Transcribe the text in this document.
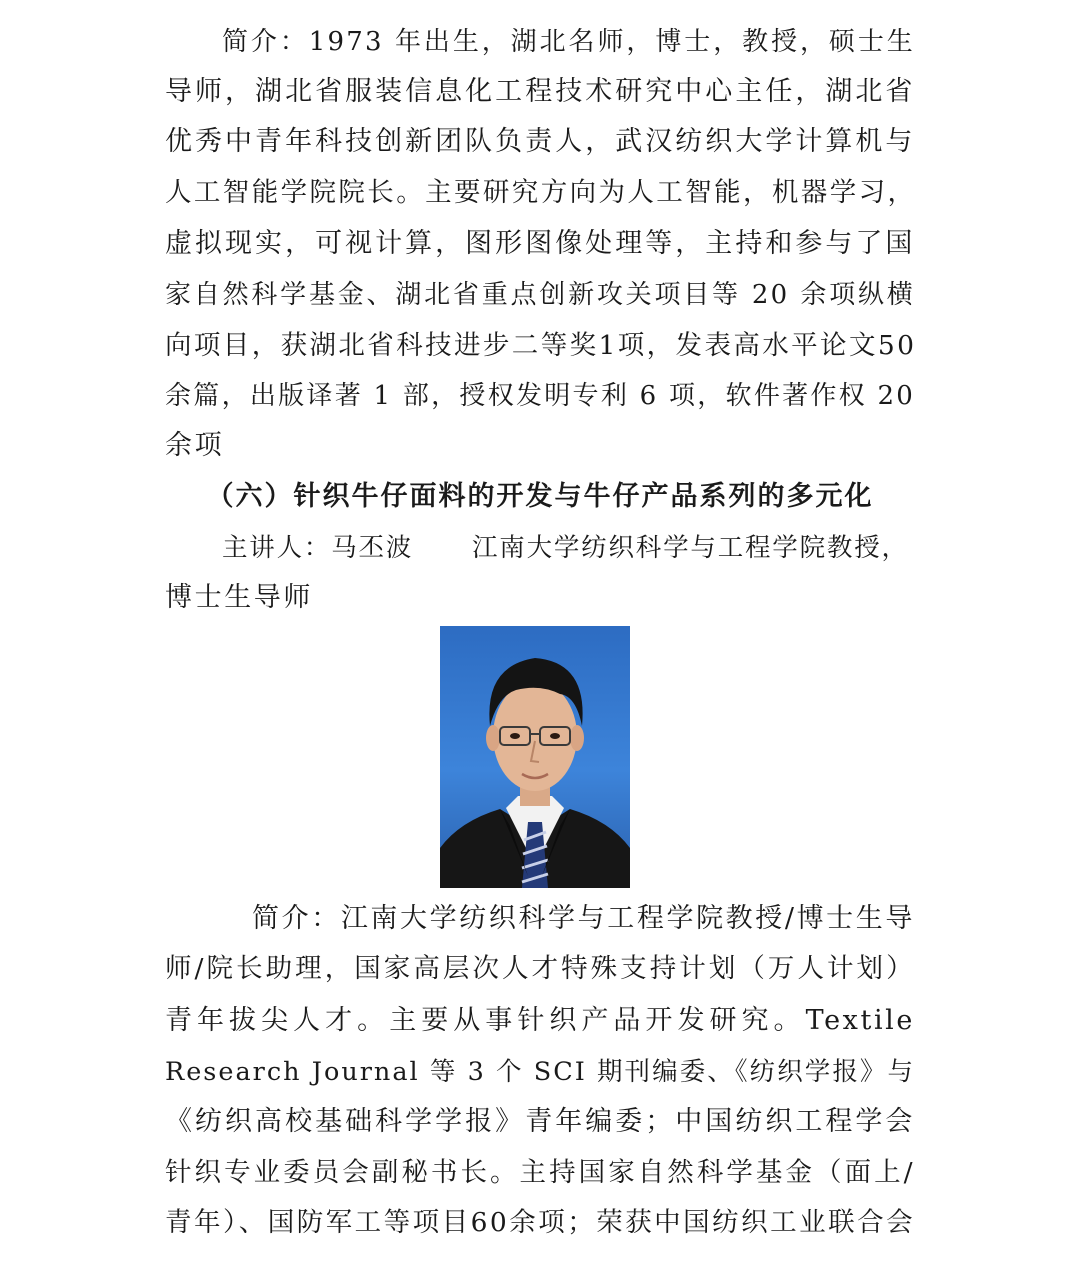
简介：1973 年出生，湖北名师，博士，教授，硕士生
导师，湖北省服装信息化工程技术研究中心主任，湖北省
优秀中青年科技创新团队负责人，武汉纺织大学计算机与
人工智能学院院长。主要研究方向为人工智能，机器学习，
虚拟现实，可视计算，图形图像处理等，主持和参与了国
家自然科学基金、湖北省重点创新攻关项目等 20 余项纵横
向项目，获湖北省科技进步二等奖1项，发表高水平论文50
余篇，出版译著 1 部，授权发明专利 6 项，软件著作权 20
余项
（六）针织牛仔面料的开发与牛仔产品系列的多元化
主讲人：马丕波 江南大学纺织科学与工程学院教授，
博士生导师
简介：江南大学纺织科学与工程学院教授/博士生导
师/院长助理，国家高层次人才特殊支持计划（万人计划）
青年拔尖人才。主要从事针织产品开发研究。Textile
Research Journal 等 3 个 SCI 期刊编委、《纺织学报》与
《纺织高校基础科学学报》青年编委；中国纺织工程学会
针织专业委员会副秘书长。主持国家自然科学基金（面上/
青年）、国防军工等项目60余项；荣获中国纺织工业联合会
